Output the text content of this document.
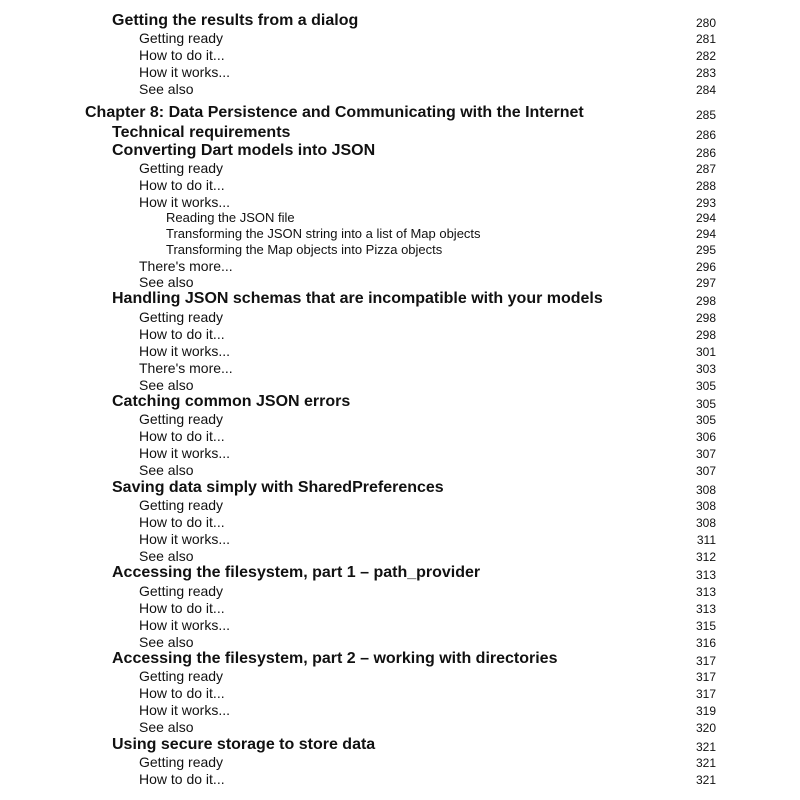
Getting the results from a dialog	280
Getting ready	281
How to do it...	282
How it works...	283
See also	284
Chapter 8: Data Persistence and Communicating with the Internet	285
Technical requirements	286
Converting Dart models into JSON	286
Getting ready	287
How to do it...	288
How it works...	293
Reading the JSON file	294
Transforming the JSON string into a list of Map objects	294
Transforming the Map objects into Pizza objects	295
There's more...	296
See also	297
Handling JSON schemas that are incompatible with your models	298
Getting ready	298
How to do it...	298
How it works...	301
There's more...	303
See also	305
Catching common JSON errors	305
Getting ready	305
How to do it...	306
How it works...	307
See also	307
Saving data simply with SharedPreferences	308
Getting ready	308
How to do it...	308
How it works...	311
See also	312
Accessing the filesystem, part 1 – path_provider	313
Getting ready	313
How to do it...	313
How it works...	315
See also	316
Accessing the filesystem, part 2 – working with directories	317
Getting ready	317
How to do it...	317
How it works...	319
See also	320
Using secure storage to store data	321
Getting ready	321
How to do it...	321
